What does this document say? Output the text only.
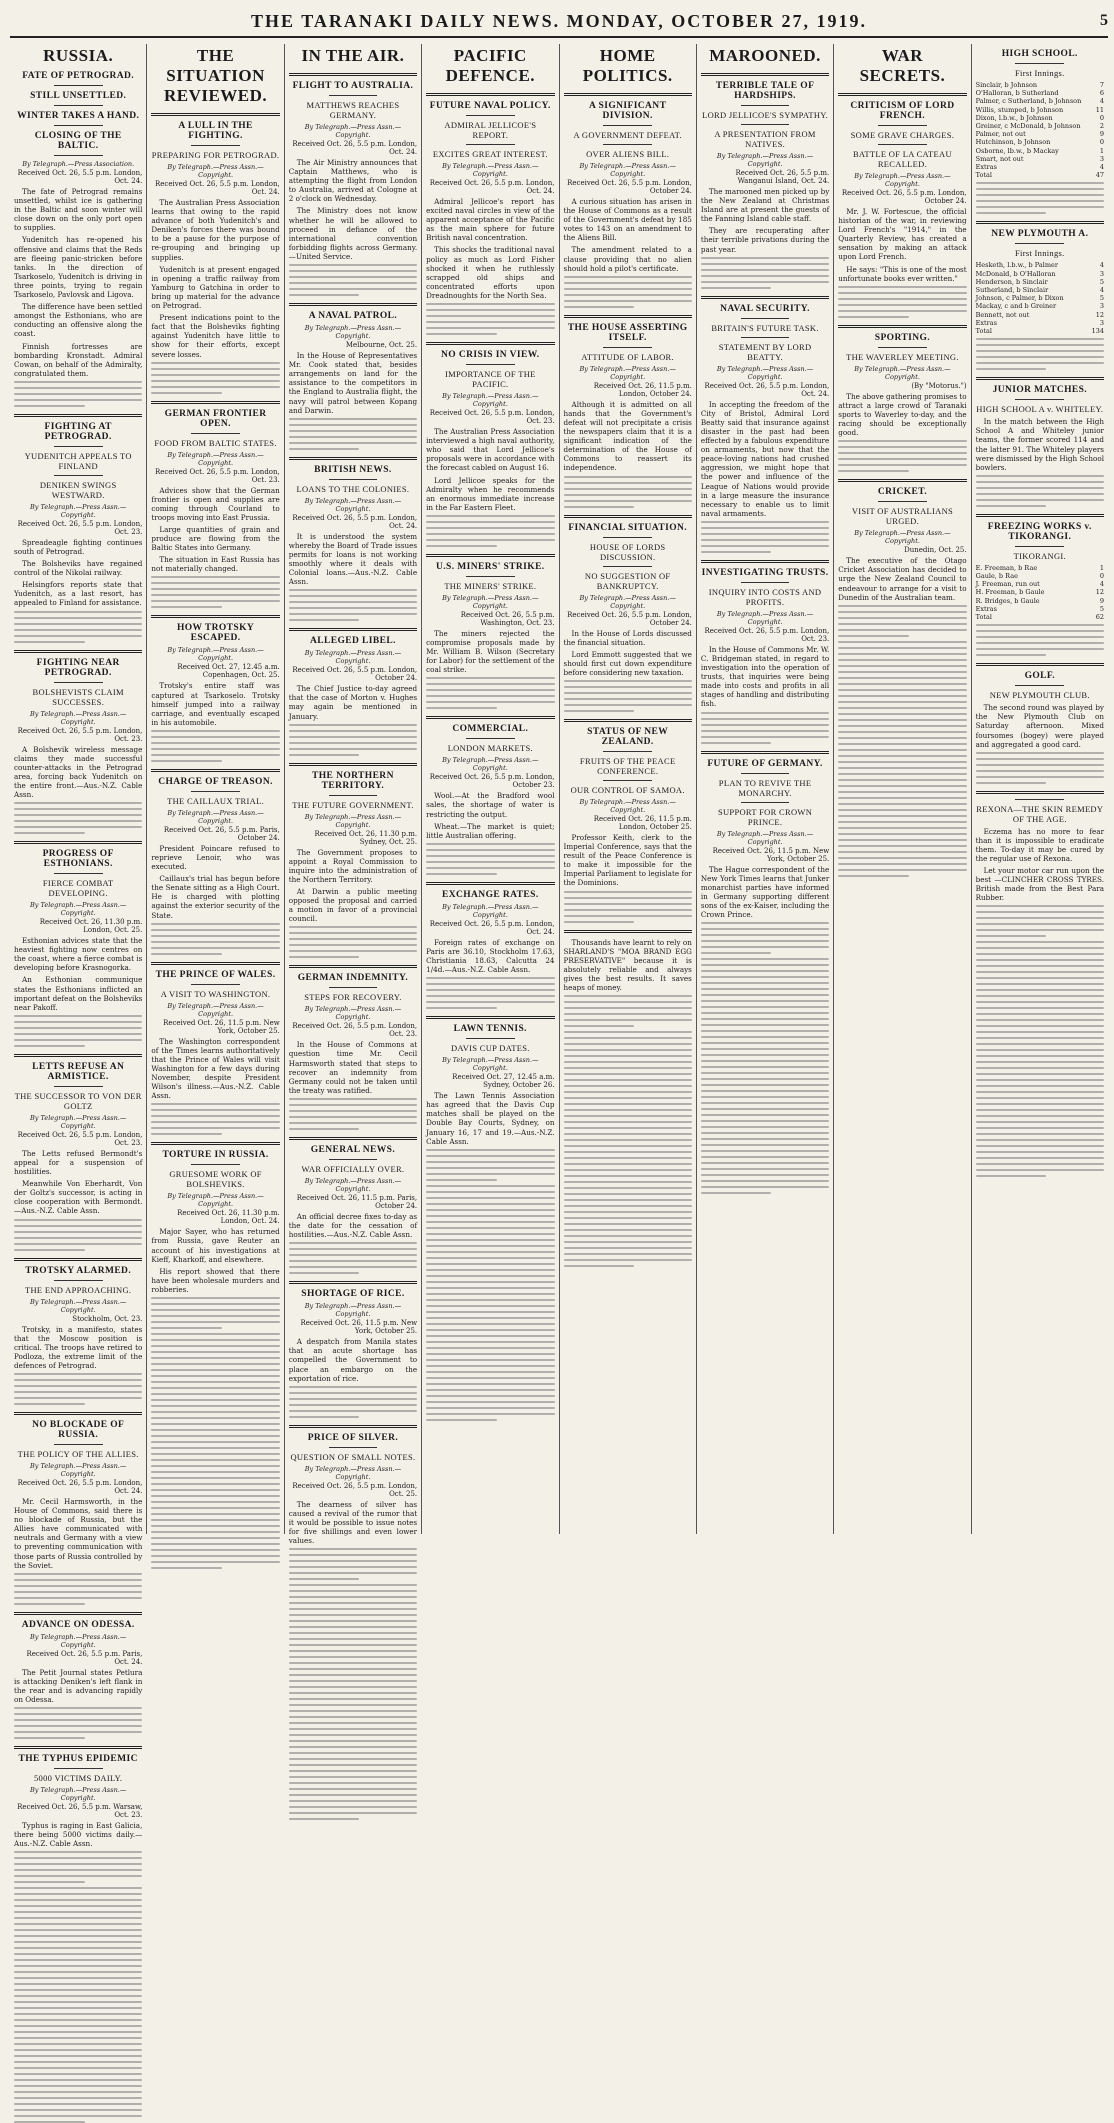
THE TARANAKI DAILY NEWS. MONDAY, OCTOBER 27, 1919.	5
RUSSIA.
FATE OF PETROGRAD.
STILL UNSETTLED.
WINTER TAKES A HAND.
CLOSING OF THE BALTIC.
By Telegraph.—Press Association.
Received Oct. 26, 5.5 p.m. London, Oct. 24.

The fate of Petrograd remains unsettled, whilst ice is gathering in the Baltic and soon winter will close down on the only port open to supplies.

Yudenitch has re-opened his offensive and claims that the Reds are fleeing panic-stricken before tanks. In the direction of Tsarkoselo, Yudenitch is driving in three points, trying to regain Tsarkoselo, Pavlovsk and Ligova.

The difference have been settled amongst the Esthonians, who are conducting an offensive along the coast.

Finnish fortresses are bombarding Kronstadt. Admiral Cowan, on behalf of the Admiralty, congratulated them.

FIGHTING AT PETROGRAD.
YUDENITCH APPEALS TO FINLAND
DENIKEN SWINGS WESTWARD.
By Telegraph.—Press Assn.—Copyright.
Received Oct. 26, 5.5 p.m. London, Oct. 23.

Spreadeagle fighting continues south of Petrograd.

The Bolsheviks have regained control of the Nikolai railway.

Helsingfors reports state that Yudenitch, as a last resort, has appealed to Finland for assistance.

FIGHTING NEAR PETROGRAD.
BOLSHEVISTS CLAIM SUCCESSES.
By Telegraph.—Press Assn.—Copyright.
Received Oct. 26, 5.5 p.m. London, Oct. 23.

A Bolshevik wireless message claims they made successful counter-attacks in the Petrograd area, forcing back Yudenitch on the entire front.—Aus.-N.Z. Cable Assn.

PROGRESS OF ESTHONIANS.
FIERCE COMBAT DEVELOPING.
By Telegraph.—Press Assn.—Copyright.
Received Oct. 26, 11.30 p.m. London, Oct. 25.

Esthonian advices state that the heaviest fighting now centres on the coast, where a fierce combat is developing before Krasnogorka.

An Esthonian communique states the Esthonians inflicted an important defeat on the Bolsheviks near Pakoff.

LETTS REFUSE AN ARMISTICE.
THE SUCCESSOR TO VON DER GOLTZ
By Telegraph.—Press Assn.—Copyright.
Received Oct. 26, 5.5 p.m. London, Oct. 23.

The Letts refused Bermondt's appeal for a suspension of hostilities.

Meanwhile Von Eberhardt, Von der Goltz's successor, is acting in close cooperation with Bermondt.—Aus.-N.Z. Cable Assn.

TROTSKY ALARMED.
THE END APPROACHING.
By Telegraph.—Press Assn.—Copyright.
Stockholm, Oct. 23.

Trotsky, in a manifesto, states that the Moscow position is critical. The troops have retired to Podloza, the extreme limit of the defences of Petrograd.

NO BLOCKADE OF RUSSIA.
THE POLICY OF THE ALLIES.
By Telegraph.—Press Assn.—Copyright.
Received Oct. 26, 5.5 p.m. London, Oct. 24.

Mr. Cecil Harmsworth, in the House of Commons, said there is no blockade of Russia, but the Allies have communicated with neutrals and Germany with a view to preventing communication with those parts of Russia controlled by the Soviet.

ADVANCE ON ODESSA.
By Telegraph.—Press Assn.—Copyright.
Received Oct. 26, 5.5 p.m. Paris, Oct. 24.

The Petit Journal states Petlura is attacking Deniken's left flank in the rear and is advancing rapidly on Odessa.

THE TYPHUS EPIDEMIC
5000 VICTIMS DAILY.
By Telegraph.—Press Assn.—Copyright.
Received Oct. 26, 5.5 p.m. Warsaw, Oct. 23.

Typhus is raging in East Galicia, there being 5000 victims daily.—Aus.-N.Z. Cable Assn.

THE SITUATION REVIEWED.
A LULL IN THE FIGHTING.
PREPARING FOR PETROGRAD.
By Telegraph.—Press Assn.—Copyright.
Received Oct. 26, 5.5 p.m. London, Oct. 24.

The Australian Press Association learns that owing to the rapid advance of both Yudenitch's and Deniken's forces there was bound to be a pause for the purpose of re-grouping and bringing up supplies.

Yudenitch is at present engaged in opening a traffic railway from Yamburg to Gatchina in order to bring up material for the advance on Petrograd.

Present indications point to the fact that the Bolsheviks fighting against Yudenitch have little to show for their efforts, except severe losses.

GERMAN FRONTIER OPEN.
FOOD FROM BALTIC STATES.
By Telegraph.—Press Assn.—Copyright.
Received Oct. 26, 5.5 p.m. London, Oct. 23.

Advices show that the German frontier is open and supplies are coming through Courland to troops moving into East Prussia.

Large quantities of grain and produce are flowing from the Baltic States into Germany.

The situation in East Russia has not materially changed.

HOW TROTSKY ESCAPED.
By Telegraph.—Press Assn.—Copyright.
Received Oct. 27, 12.45 a.m. Copenhagen, Oct. 25.

Trotsky's entire staff was captured at Tsarkoselo. Trotsky himself jumped into a railway carriage, and eventually escaped in his automobile.

CHARGE OF TREASON.
THE CAILLAUX TRIAL.
By Telegraph.—Press Assn.—Copyright.
Received Oct. 26, 5.5 p.m. Paris, October 24.

President Poincare refused to reprieve Lenoir, who was executed.

Caillaux's trial has begun before the Senate sitting as a High Court. He is charged with plotting against the exterior security of the State.

THE PRINCE OF WALES.
A VISIT TO WASHINGTON.
By Telegraph.—Press Assn.—Copyright.
Received Oct. 26, 11.5 p.m. New York, October 25.

The Washington correspondent of the Times learns authoritatively that the Prince of Wales will visit Washington for a few days during November, despite President Wilson's illness.—Aus.-N.Z. Cable Assn.

TORTURE IN RUSSIA.
GRUESOME WORK OF BOLSHEVIKS.
By Telegraph.—Press Assn.—Copyright.
Received Oct. 26, 11.30 p.m. London, Oct. 24.

Major Sayer, who has returned from Russia, gave Reuter an account of his investigations at Kieff, Kharkoff, and elsewhere.

His report showed that there have been wholesale murders and robberies.

IN THE AIR.
FLIGHT TO AUSTRALIA.
MATTHEWS REACHES GERMANY.
By Telegraph.—Press Assn.—Copyright.
Received Oct. 26, 5.5 p.m. London, Oct. 24.

The Air Ministry announces that Captain Matthews, who is attempting the flight from London to Australia, arrived at Cologne at 2 o'clock on Wednesday.

The Ministry does not know whether he will be allowed to proceed in defiance of the international convention forbidding flights across Germany.—United Service.

A NAVAL PATROL.
By Telegraph.—Press Assn.—Copyright.
Melbourne, Oct. 25.

In the House of Representatives Mr. Cook stated that, besides arrangements on land for the assistance to the competitors in the England to Australia flight, the navy will patrol between Kopang and Darwin.

BRITISH NEWS.
LOANS TO THE COLONIES.
By Telegraph.—Press Assn.—Copyright.
Received Oct. 26, 5.5 p.m. London, Oct. 24.

It is understood the system whereby the Board of Trade issues permits for loans is not working smoothly where it deals with Colonial loans.—Aus.-N.Z. Cable Assn.

ALLEGED LIBEL.
By Telegraph.—Press Assn.—Copyright.
Received Oct. 26, 5.5 p.m. London, October 24.

The Chief Justice to-day agreed that the case of Morton v. Hughes may again be mentioned in January.

THE NORTHERN TERRITORY.
THE FUTURE GOVERNMENT.
By Telegraph.—Press Assn.—Copyright.
Received Oct. 26, 11.30 p.m. Sydney, Oct. 25.

The Government proposes to appoint a Royal Commission to inquire into the administration of the Northern Territory.

At Darwin a public meeting opposed the proposal and carried a motion in favor of a provincial council.

GERMAN INDEMNITY.
STEPS FOR RECOVERY.
By Telegraph.—Press Assn.—Copyright.
Received Oct. 26, 5.5 p.m. London, Oct. 23.

In the House of Commons at question time Mr. Cecil Harmsworth stated that steps to recover an indemnity from Germany could not be taken until the treaty was ratified.

GENERAL NEWS.
WAR OFFICIALLY OVER.
By Telegraph.—Press Assn.—Copyright.
Received Oct. 26, 11.5 p.m. Paris, October 24.

An official decree fixes to-day as the date for the cessation of hostilities.—Aus.-N.Z. Cable Assn.

SHORTAGE OF RICE.
By Telegraph.—Press Assn.—Copyright.
Received Oct. 26, 11.5 p.m. New York, October 25.

A despatch from Manila states that an acute shortage has compelled the Government to place an embargo on the exportation of rice.

PRICE OF SILVER.
QUESTION OF SMALL NOTES.
By Telegraph.—Press Assn.—Copyright.
Received Oct. 26, 5.5 p.m. London, Oct. 25.

The dearness of silver has caused a revival of the rumor that it would be possible to issue notes for five shillings and even lower values.

PACIFIC DEFENCE.
FUTURE NAVAL POLICY.
ADMIRAL JELLICOE'S REPORT.
EXCITES GREAT INTEREST.
By Telegraph.—Press Assn.—Copyright.
Received Oct. 26, 5.5 p.m. London, Oct. 24.

Admiral Jellicoe's report has excited naval circles in view of the apparent acceptance of the Pacific as the main sphere for future British naval concentration.

This shocks the traditional naval policy as much as Lord Fisher shocked it when he ruthlessly scrapped old ships and concentrated efforts upon Dreadnoughts for the North Sea.

NO CRISIS IN VIEW.
IMPORTANCE OF THE PACIFIC.
By Telegraph.—Press Assn.—Copyright.
Received Oct. 26, 5.5 p.m. London, Oct. 23.

The Australian Press Association interviewed a high naval authority, who said that Lord Jellicoe's proposals were in accordance with the forecast cabled on August 16.

Lord Jellicoe speaks for the Admiralty when he recommends an enormous immediate increase in the Far Eastern Fleet.

U.S. MINERS' STRIKE.
THE MINERS' STRIKE.
By Telegraph.—Press Assn.—Copyright.
Received Oct. 26, 5.5 p.m. Washington, Oct. 23.

The miners rejected the compromise proposals made by Mr. William B. Wilson (Secretary for Labor) for the settlement of the coal strike.

COMMERCIAL.
LONDON MARKETS.
By Telegraph.—Press Assn.—Copyright.
Received Oct. 26, 5.5 p.m. London, October 23.

Wool.—At the Bradford wool sales, the shortage of water is restricting the output.

Wheat.—The market is quiet; little Australian offering.

EXCHANGE RATES.
By Telegraph.—Press Assn.—Copyright.
Received Oct. 26, 5.5 p.m. London, Oct. 24.

Foreign rates of exchange on Paris are 36.10, Stockholm 17.63, Christiania 18.63, Calcutta 24 1/4d.—Aus.-N.Z. Cable Assn.

LAWN TENNIS.
DAVIS CUP DATES.
By Telegraph.—Press Assn.—Copyright.
Received Oct. 27, 12.45 a.m. Sydney, October 26.

The Lawn Tennis Association has agreed that the Davis Cup matches shall be played on the Double Bay Courts, Sydney, on January 16, 17 and 19.—Aus.-N.Z. Cable Assn.

HOME POLITICS.
A SIGNIFICANT DIVISION.
A GOVERNMENT DEFEAT.
OVER ALIENS BILL.
By Telegraph.—Press Assn.—Copyright.
Received Oct. 26, 5.5 p.m. London, October 24.

A curious situation has arisen in the House of Commons as a result of the Government's defeat by 185 votes to 143 on an amendment to the Aliens Bill.

The amendment related to a clause providing that no alien should hold a pilot's certificate.

THE HOUSE ASSERTING ITSELF.
ATTITUDE OF LABOR.
By Telegraph.—Press Assn.—Copyright.
Received Oct. 26, 11.5 p.m. London, October 24.

Although it is admitted on all hands that the Government's defeat will not precipitate a crisis the newspapers claim that it is a significant indication of the determination of the House of Commons to reassert its independence.

FINANCIAL SITUATION.
HOUSE OF LORDS DISCUSSION.
NO SUGGESTION OF BANKRUPTCY.
By Telegraph.—Press Assn.—Copyright.
Received Oct. 26, 5.5 p.m. London, October 24.

In the House of Lords discussed the financial situation.

Lord Emmott suggested that we should first cut down expenditure before considering new taxation.

STATUS OF NEW ZEALAND.
FRUITS OF THE PEACE CONFERENCE.
OUR CONTROL OF SAMOA.
By Telegraph.—Press Assn.—Copyright.
Received Oct. 26, 11.5 p.m. London, October 25.

Professor Keith, clerk to the Imperial Conference, says that the result of the Peace Conference is to make it impossible for the Imperial Parliament to legislate for the Dominions.

Thousands have learnt to rely on SHARLAND'S "MOA BRAND EGG PRESERVATIVE" because it is absolutely reliable and always gives the best results. It saves heaps of money.

MAROONED.
TERRIBLE TALE OF HARDSHIPS.
LORD JELLICOE'S SYMPATHY.
A PRESENTATION FROM NATIVES.
By Telegraph.—Press Assn.—Copyright.
Received Oct. 26, 5.5 p.m. Wanganui Island, Oct. 24.

The marooned men picked up by the New Zealand at Christmas Island are at present the guests of the Fanning Island cable staff.

They are recuperating after their terrible privations during the past year.

NAVAL SECURITY.
BRITAIN'S FUTURE TASK.
STATEMENT BY LORD BEATTY.
By Telegraph.—Press Assn.—Copyright.
Received Oct. 26, 5.5 p.m. London, Oct. 24.

In accepting the freedom of the City of Bristol, Admiral Lord Beatty said that insurance against disaster in the past had been effected by a fabulous expenditure on armaments, but now that the peace-loving nations had crushed aggression, we might hope that the power and influence of the League of Nations would provide in a large measure the insurance necessary to enable us to limit naval armaments.

INVESTIGATING TRUSTS.
INQUIRY INTO COSTS AND PROFITS.
By Telegraph.—Press Assn.—Copyright.
Received Oct. 26, 5.5 p.m. London, Oct. 23.

In the House of Commons Mr. W. C. Bridgeman stated, in regard to investigation into the operation of trusts, that inquiries were being made into costs and profits in all stages of handling and distributing fish.

FUTURE OF GERMANY.
PLAN TO REVIVE THE MONARCHY.
SUPPORT FOR CROWN PRINCE.
By Telegraph.—Press Assn.—Copyright.
Received Oct. 26, 11.5 p.m. New York, October 25.

The Hague correspondent of the New York Times learns that Junker monarchist parties have informed in Germany supporting different sons of the ex-Kaiser, including the Crown Prince.

WAR SECRETS.
CRITICISM OF LORD FRENCH.
SOME GRAVE CHARGES.
BATTLE OF LA CATEAU RECALLED.
By Telegraph.—Press Assn.—Copyright.
Received Oct. 26, 5.5 p.m. London, October 24.

Mr. J. W. Fortescue, the official historian of the war, in reviewing Lord French's "1914," in the Quarterly Review, has created a sensation by making an attack upon Lord French.

He says: "This is one of the most unfortunate books ever written."

SPORTING.
THE WAVERLEY MEETING.
By Telegraph.—Press Assn.—Copyright.
(By "Motorus.")

The above gathering promises to attract a large crowd of Taranaki sports to Waverley to-day, and the racing should be exceptionally good.

CRICKET.
VISIT OF AUSTRALIANS URGED.
By Telegraph.—Press Assn.—Copyright.
Dunedin, Oct. 25.

The executive of the Otago Cricket Association has decided to urge the New Zealand Council to endeavour to arrange for a visit to Dunedin of the Australian team.

HIGH SCHOOL.
First Innings.
Sinclair, b Johnson	7
O'Halloran, b Sutherland	6
Palmer, c Sutherland, b Johnson	4
Willis, stumped, b Johnson	11
Dixon, l.b.w., b Johnson	0
Greiner, c McDonald, b Johnson	2
Palmer, not out	9
Hutchinson, b Johnson	0
Osborne, lb.w., b Mackay	1
Smart, not out	3
Extras	4
Total	47
NEW PLYMOUTH A.
First Innings.
Hesketh, l.b.w., b Palmer	4
McDonald, b O'Halloran	3
Henderson, b Sinclair	5
Sutherland, b Sinclair	4
Johnson, c Palmer, b Dixon	5
Mackay, c and b Greiner	3
Bennett, not out	12
Extras	3
Total	134
JUNIOR MATCHES.
HIGH SCHOOL A v. WHITELEY.

In the match between the High School A and Whiteley junior teams, the former scored 114 and the latter 91. The Whiteley players were dismissed by the High School bowlers.

FREEZING WORKS v. TIKORANGI.
TIKORANGI.
E. Freeman, b Rae	1
Gaule, b Rae	0
J. Freeman, run out	4
H. Freeman, b Gaule	12
R. Bridges, b Gaule	9
Extras	5
Total	62
GOLF.
NEW PLYMOUTH CLUB.

The second round was played by the New Plymouth Club on Saturday afternoon. Mixed foursomes (bogey) were played and aggregated a good card.

REXONA—THE SKIN REMEDY OF THE AGE.

Eczema has no more to fear than it is impossible to eradicate them. To-day it may be cured by the regular use of Rexona.

Let your motor car run upon the best —CLINCHER CROSS TYRES. British made from the Best Para Rubber.
